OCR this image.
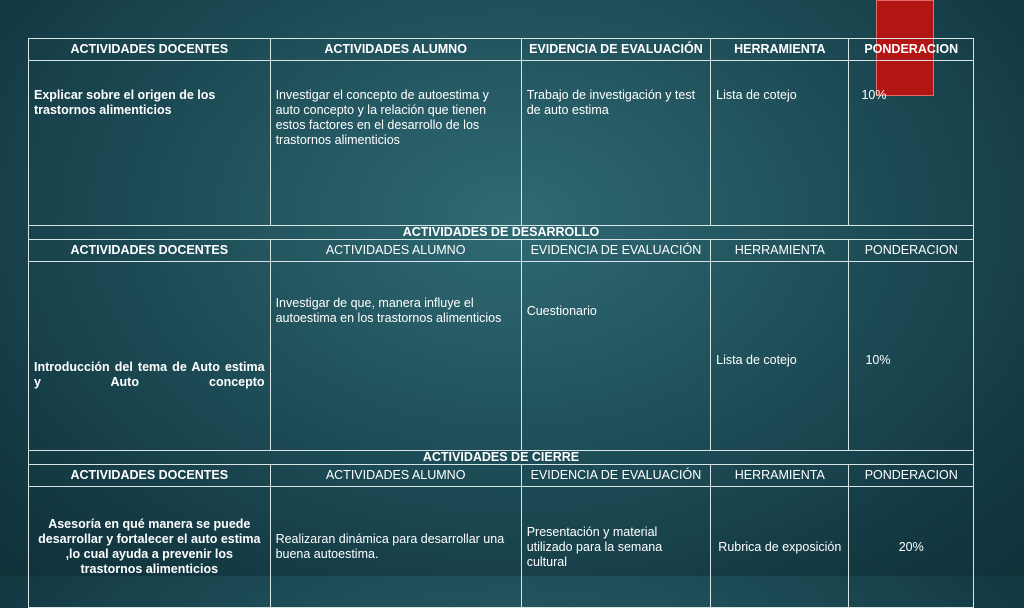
ACTIVIDADES DOCENTES	ACTIVIDADES ALUMNO	EVIDENCIA DE EVALUACIÓN	HERRAMIENTA	PONDERACION
Explicar sobre el origen de los trastornos alimenticios	Investigar el concepto de autoestima y auto concepto y la relación que tienen estos factores en el desarrollo de los trastornos alimenticios	Trabajo de investigación y test de auto estima	Lista de cotejo	10%
ACTIVIDADES DE DESARROLLO				
ACTIVIDADES DOCENTES	ACTIVIDADES ALUMNO	EVIDENCIA DE EVALUACIÓN	HERRAMIENTA	PONDERACION
Introducción del tema de Auto estima y Auto concepto	Investigar de que, manera influye el autoestima en los trastornos alimenticios	Cuestionario	Lista de cotejo	10%
ACTIVIDADES DE CIERRE				
ACTIVIDADES DOCENTES	ACTIVIDADES ALUMNO	EVIDENCIA DE EVALUACIÓN	HERRAMIENTA	PONDERACION
Asesoría en qué manera se puede desarrollar y fortalecer el auto estima ,lo cual ayuda a prevenir los trastornos alimenticios	Realizaran dinámica para desarrollar una buena autoestima.	Presentación y material utilizado para la semana cultural	Rubrica de exposición	20%
